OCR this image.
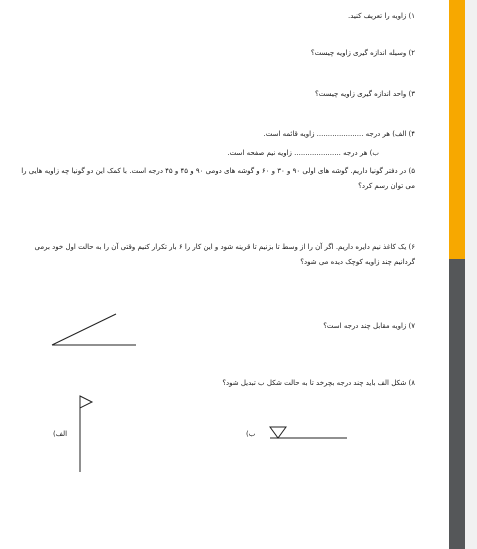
۱) زاویه را تعریف کنید.
۲) وسیله اندازه گیری زاویه چیست؟
۳) واحد اندازه گیری زاویه چیست؟
۴) الف) هر درجه ..................... زاویه قائمه است.
ب) هر درجه ..................... زاویه نیم صفحه است.
۵) در دفتر گونیا داریم. گوشه های اولی ۹۰ و ۳۰ و ۶۰ و گوشه های دومی ۹۰ و ۴۵ و ۴۵ درجه است. با کمک این دو گونیا چه زاویه هایی را می توان رسم کرد؟
۶) یک کاغذ نیم دایره داریم. اگر آن را از وسط تا بزنیم تا قرینه شود و این کار را ۶ بار تکرار کنیم وقتی آن را به حالت اول خود برمی گردانیم چند زاویه کوچک دیده می شود؟
۷) زاویه مقابل چند درجه است؟
۸) شکل الف باید چند درجه بچرخد تا به حالت شکل ب تبدیل شود؟
الف)	ب)
